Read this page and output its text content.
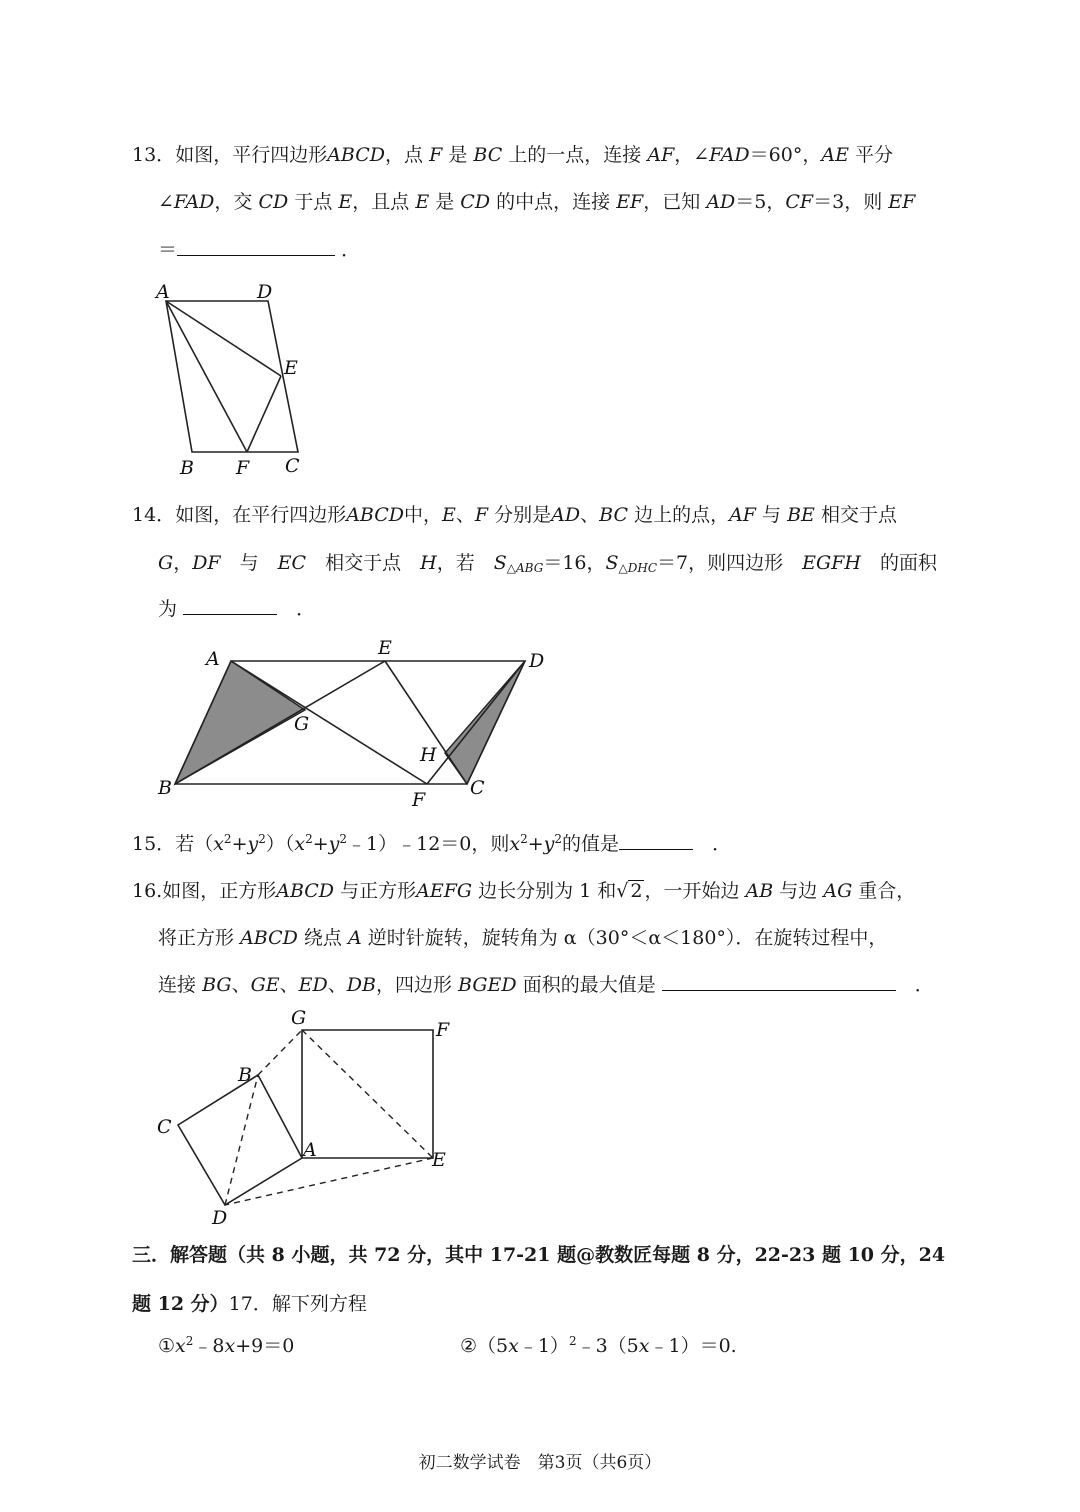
13．如图，平行四边形ABCD，点 F 是 BC 上的一点，连接 AF，∠FAD＝60°，AE 平分
∠FAD，交 CD 于点 E，且点 E 是 CD 的中点，连接 EF，已知 AD＝5，CF＝3，则 EF
＝	．
A	D
E
B F C
14．如图，在平行四边形ABCD中，E、F 分别是AD、BC 边上的点，AF 与 BE 相交于点
G，DF　 与　 EC　 相交于点　 H，若　 $S_{\triangle ABG}=16$，$S_{\triangle DHC}=7$，则四边形　 EGFH　 的面积
为 　	．
A	E
D
G
H
B
F
C
15．若$(x^2+y^2)(x^2+y^2﹣1)﹣12=0$，则$x^2+y^2$的值是　	．
16.如图，正方形ABCD 与正方形AEFG 边长分别为 1 和√ 2 ，一开始边 AB 与边 AG 重合，
将正方形 ABCD 绕点 A 逆时针旋转，旋转角为 α（30°＜α＜180°）．在旋转过程中，
连接 BG、GE、ED、DB，四边形 BGED 面积的最大值是 　	．
G
F
B
C
A	E
D
三．解答题（共 8 小题，共 72 分，其中 17-21 题@教数匠每题 8 分，22-23 题 10 分，24
题 12 分）17．解下列方程
$①x^2﹣8x+9=0$	②（5x﹣1）$^2$﹣3（5x﹣1）＝0.
初二数学试卷　第3页（共6页）
